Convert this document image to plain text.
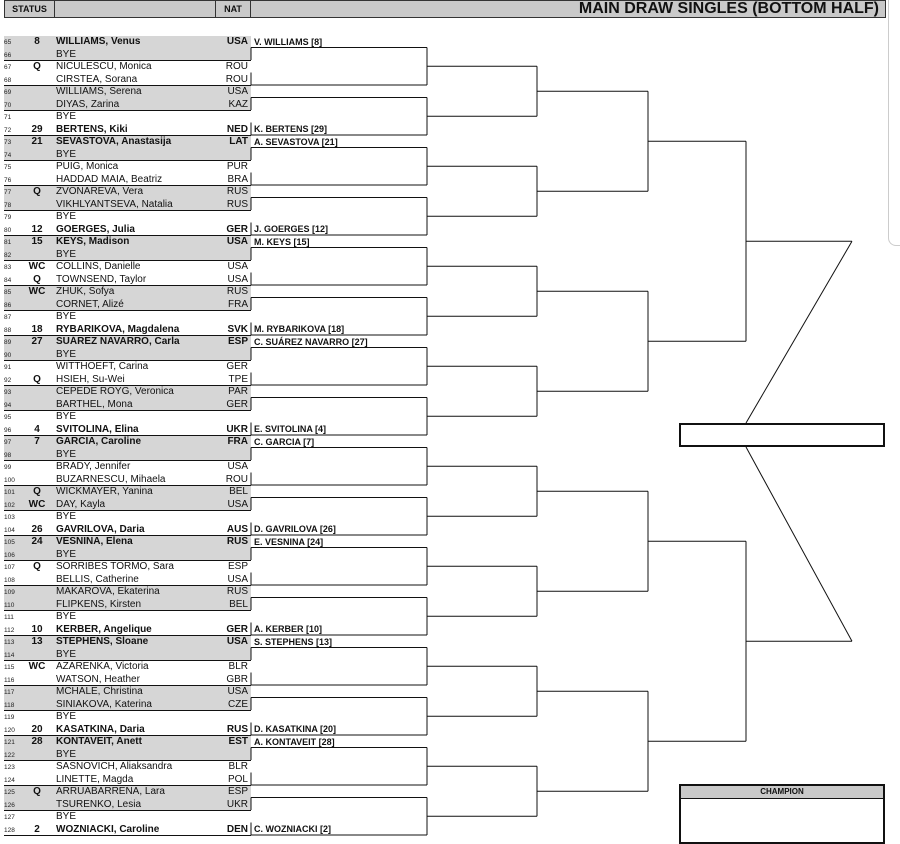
STATUS	NAT	MAIN DRAW SINGLES (BOTTOM HALF)
65	8	WILLIAMS, Venus	USA
66	BYE
67	Q	NICULESCU, Monica	ROU
68	CIRSTEA, Sorana	ROU
69	WILLIAMS, Serena	USA
70	DIYAS, Zarina	KAZ
71	BYE
72	29	BERTENS, Kiki	NED
73	21	SEVASTOVA, Anastasija	LAT
74	BYE
75	PUIG, Monica	PUR
76	HADDAD MAIA, Beatriz	BRA
77	Q	ZVONAREVA, Vera	RUS
78	VIKHLYANTSEVA, Natalia	RUS
79	BYE
80	12	GOERGES, Julia	GER
81	15	KEYS, Madison	USA
82	BYE
83	WC	COLLINS, Danielle	USA
84	Q	TOWNSEND, Taylor	USA
85	WC	ZHUK, Sofya	RUS
86	CORNET, Alizé	FRA
87	BYE
88	18	RYBARIKOVA, Magdalena	SVK
89	27	SUÁREZ NAVARRO, Carla	ESP
90	BYE
91	WITTHOEFT, Carina	GER
92	Q	HSIEH, Su-Wei	TPE
93	CEPEDE ROYG, Veronica	PAR
94	BARTHEL, Mona	GER
95	BYE
96	4	SVITOLINA, Elina	UKR
97	7	GARCIA, Caroline	FRA
98	BYE
99	BRADY, Jennifer	USA
100	BUZARNESCU, Mihaela	ROU
101	Q	WICKMAYER, Yanina	BEL
102	WC	DAY, Kayla	USA
103	BYE
104	26	GAVRILOVA, Daria	AUS
105	24	VESNINA, Elena	RUS
106	BYE
107	Q	SORRIBES TORMO, Sara	ESP
108	BELLIS, Catherine	USA
109	MAKAROVA, Ekaterina	RUS
110	FLIPKENS, Kirsten	BEL
111	BYE
112	10	KERBER, Angelique	GER
113	13	STEPHENS, Sloane	USA
114	BYE
115	WC	AZARENKA, Victoria	BLR
116	WATSON, Heather	GBR
117	MCHALE, Christina	USA
118	SINIAKOVA, Katerina	CZE
119	BYE
120	20	KASATKINA, Daria	RUS
121	28	KONTAVEIT, Anett	EST
122	BYE
123	SASNOVICH, Aliaksandra	BLR
124	LINETTE, Magda	POL
125	Q	ARRUABARRENA, Lara	ESP
126	TSURENKO, Lesia	UKR
127	BYE
128	2	WOZNIACKI, Caroline	DEN
V. WILLIAMS [8]
K. BERTENS [29]
A. SEVASTOVA [21]
J. GOERGES [12]
M. KEYS [15]
M. RYBARIKOVA [18]
C. SUÁREZ NAVARRO [27]
E. SVITOLINA [4]
C. GARCIA [7]
D. GAVRILOVA [26]
E. VESNINA [24]
A. KERBER [10]
S. STEPHENS [13]
D. KASATKINA [20]
A. KONTAVEIT [28]
C. WOZNIACKI [2]
CHAMPION
